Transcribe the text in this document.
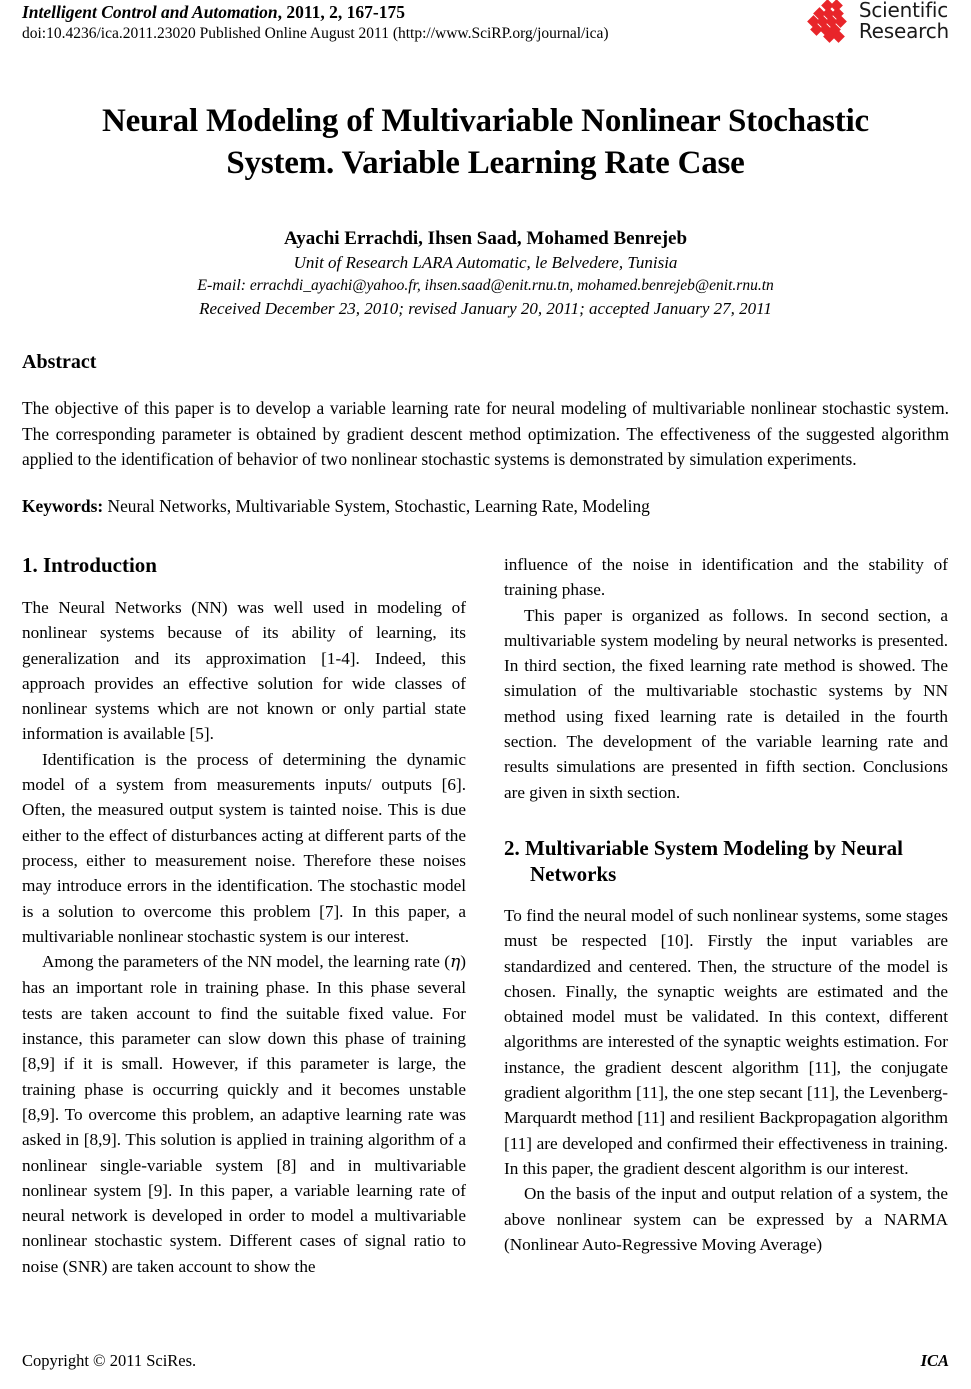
Intelligent Control and Automation, 2011, 2, 167-175
doi:10.4236/ica.2011.23020 Published Online August 2011 (http://www.SciRP.org/journal/ica)
Scientific
Research
Neural Modeling of Multivariable Nonlinear Stochastic
System. Variable Learning Rate Case
Ayachi Errachdi, Ihsen Saad, Mohamed Benrejeb
Unit of Research LARA Automatic, le Belvedere, Tunisia
E-mail: errachdi_ayachi@yahoo.fr, ihsen.saad@enit.rnu.tn, mohamed.benrejeb@enit.rnu.tn
Received December 23, 2010; revised January 20, 2011; accepted January 27, 2011
Abstract
The objective of this paper is to develop a variable learning rate for neural modeling of multivariable nonlinear stochastic system. The corresponding parameter is obtained by gradient descent method optimization. The effectiveness of the suggested algorithm applied to the identification of behavior of two nonlinear stochastic systems is demonstrated by simulation experiments.
Keywords: Neural Networks, Multivariable System, Stochastic, Learning Rate, Modeling
1. Introduction

The Neural Networks (NN) was well used in modeling of nonlinear systems because of its ability of learning, its generalization and its approximation [1-4]. Indeed, this approach provides an effective solution for wide classes of nonlinear systems which are not known or only partial state information is available [5].

Identification is the process of determining the dynamic model of a system from measurements inputs/ outputs [6]. Often, the measured output system is tainted noise. This is due either to the effect of disturbances acting at different parts of the process, either to measurement noise. Therefore these noises may introduce errors in the identification. The stochastic model is a solution to overcome this problem [7]. In this paper, a multivariable nonlinear stochastic system is our interest.

Among the parameters of the NN model, the learning rate (η) has an important role in training phase. In this phase several tests are taken account to find the suitable fixed value. For instance, this parameter can slow down this phase of training [8,9] if it is small. However, if this parameter is large, the training phase is occurring quickly and it becomes unstable [8,9]. To overcome this problem, an adaptive learning rate was asked in [8,9]. This solution is applied in training algorithm of a nonlinear single-variable system [8] and in multivariable nonlinear system [9]. In this paper, a variable learning rate of neural network is developed in order to model a multivariable nonlinear stochastic system. Different cases of signal ratio to noise (SNR) are taken account to show the

influence of the noise in identification and the stability of training phase.

This paper is organized as follows. In second section, a multivariable system modeling by neural networks is presented. In third section, the fixed learning rate method is showed. The simulation of the multivariable stochastic systems by NN method using fixed learning rate is detailed in the fourth section. The development of the variable learning rate and results simulations are presented in fifth section. Conclusions are given in sixth section.

2. Multivariable System Modeling by Neural Networks

To find the neural model of such nonlinear systems, some stages must be respected [10]. Firstly the input variables are standardized and centered. Then, the structure of the model is chosen. Finally, the synaptic weights are estimated and the obtained model must be validated. In this context, different algorithms are interested of the synaptic weights estimation. For instance, the gradient descent algorithm [11], the conjugate gradient algorithm [11], the one step secant [11], the Levenberg-Marquardt method [11] and resilient Backpropagation algorithm [11] are developed and confirmed their effectiveness in training. In this paper, the gradient descent algorithm is our interest.

On the basis of the input and output relation of a system, the above nonlinear system can be expressed by a NARMA (Nonlinear Auto-Regressive Moving Average)

Copyright © 2011 SciRes.	ICA
